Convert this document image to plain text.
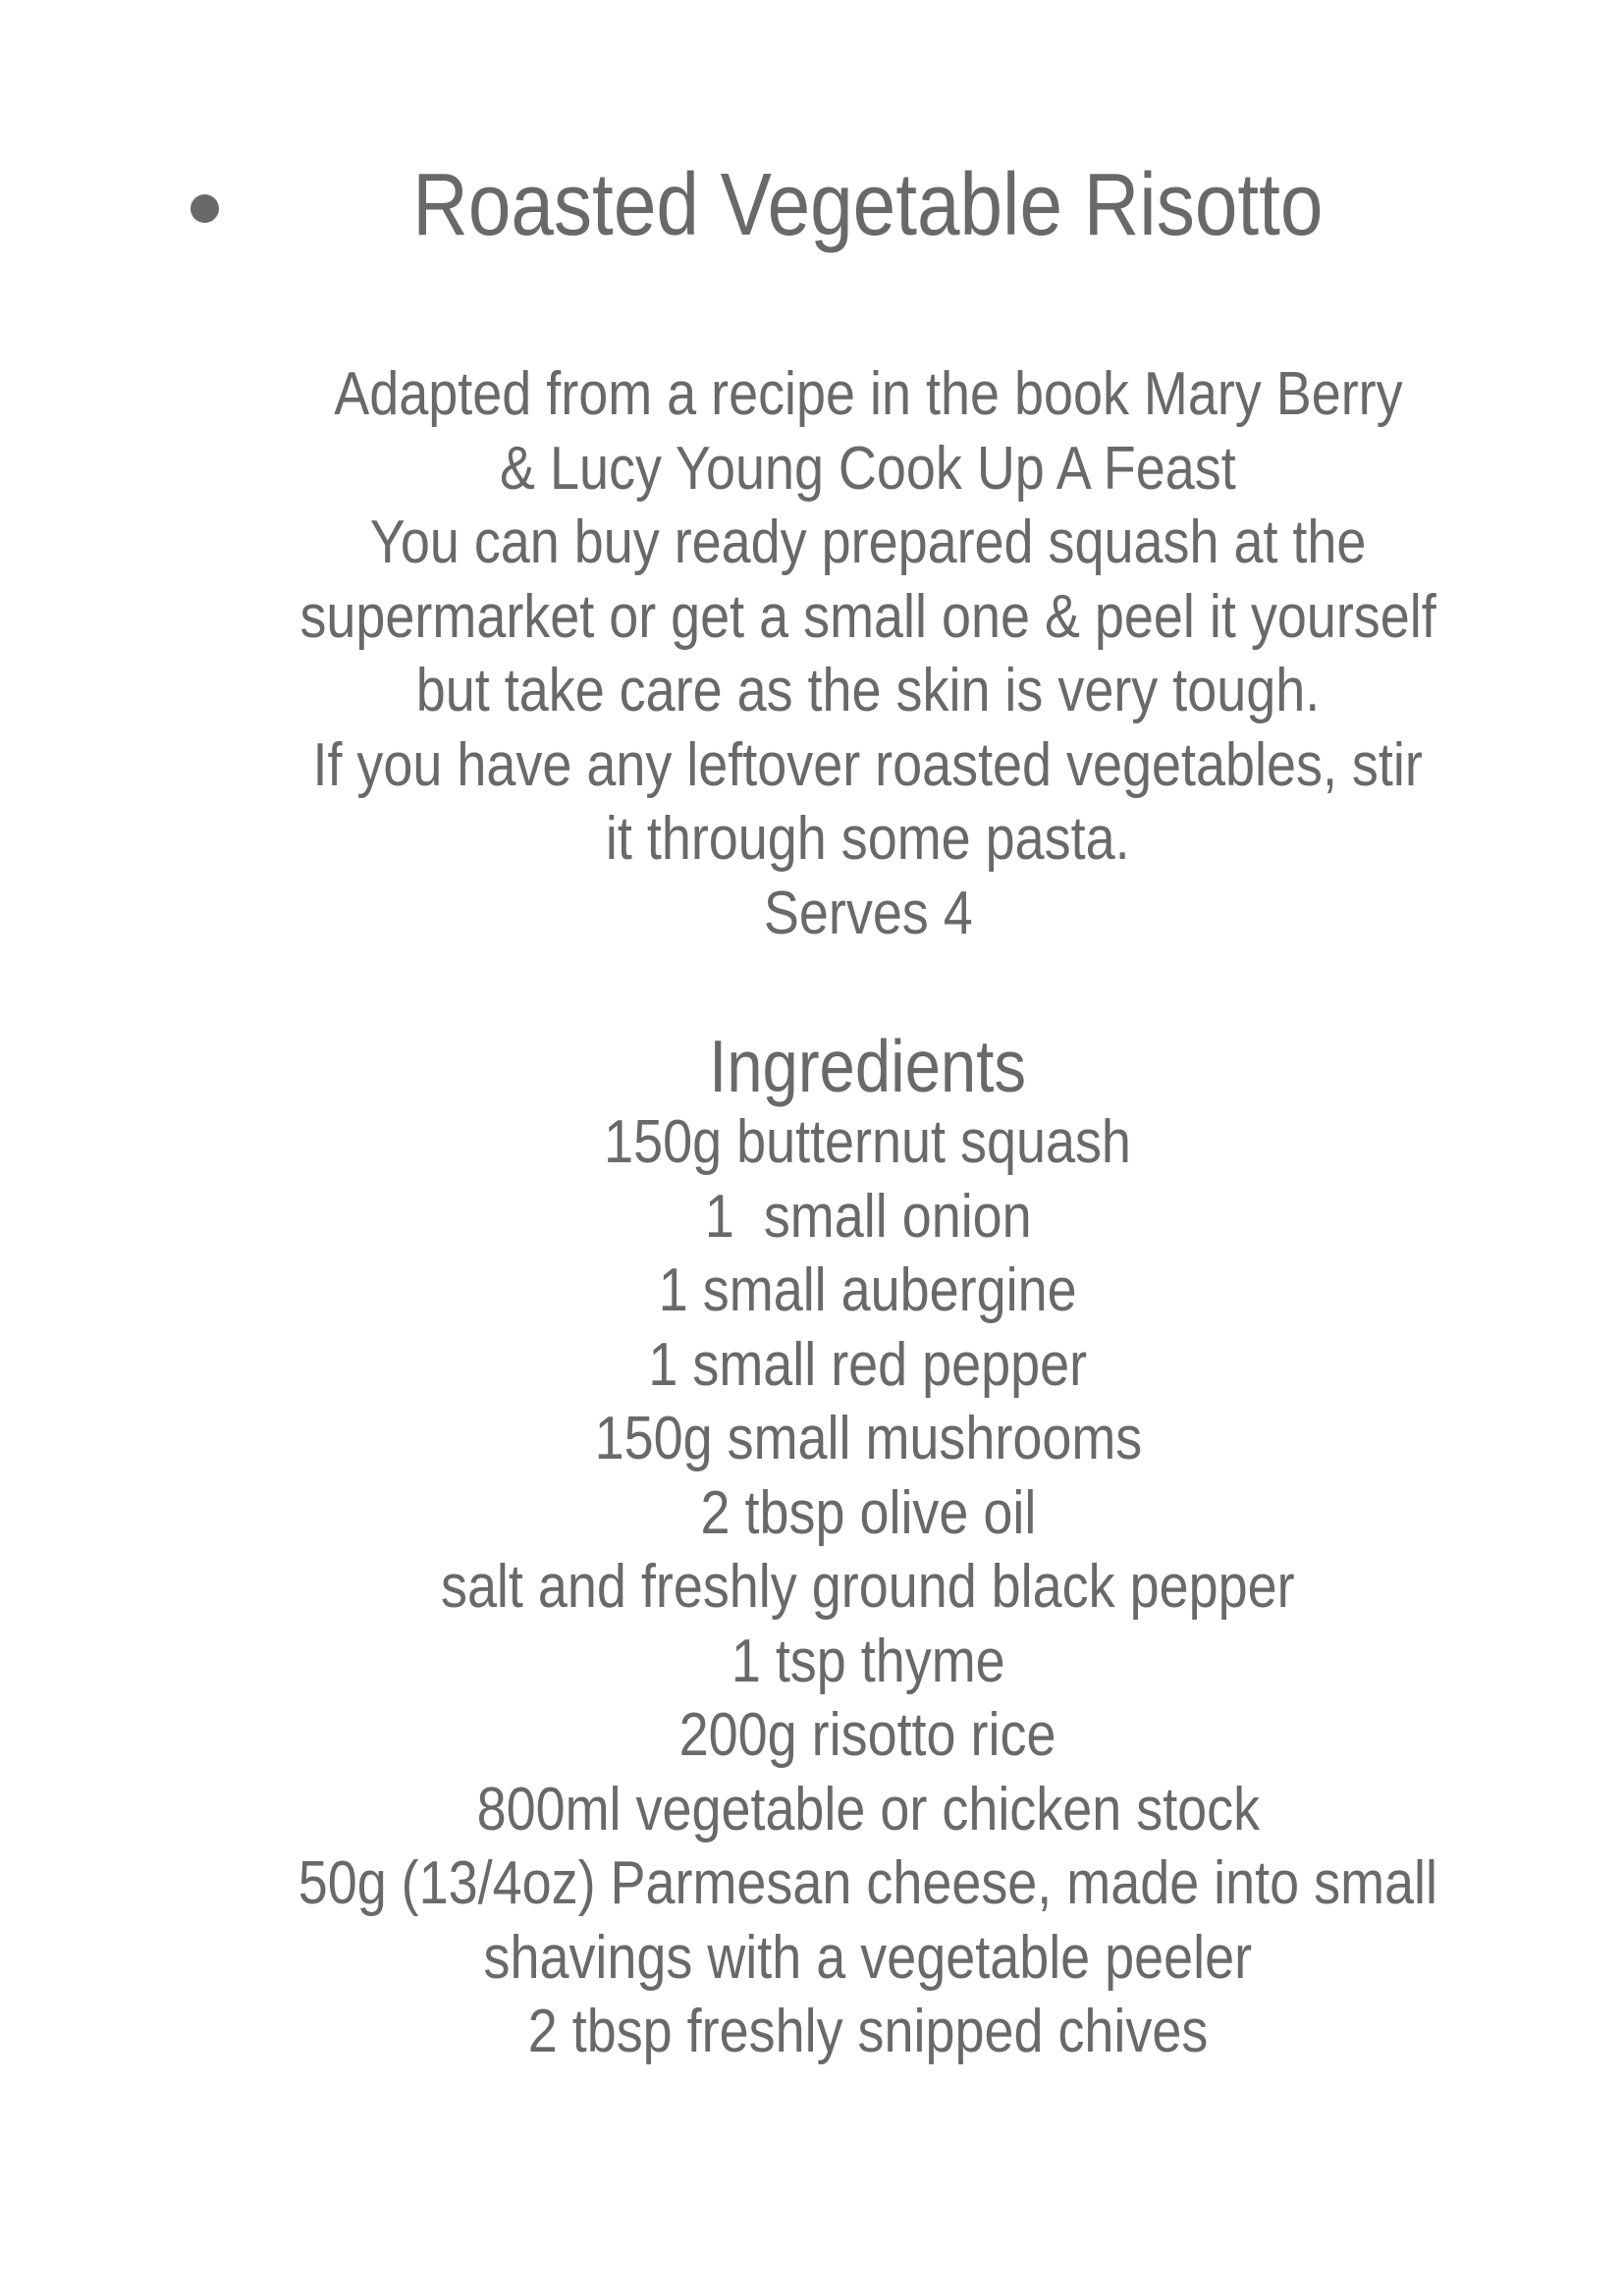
Roasted Vegetable Risotto
Adapted from a recipe in the book Mary Berry
& Lucy Young Cook Up A Feast
You can buy ready prepared squash at the
supermarket or get a small one & peel it yourself
but take care as the skin is very tough.
If you have any leftover roasted vegetables, stir
it through some pasta.
Serves 4
Ingredients
150g butternut squash
1  small onion
1 small aubergine
1 small red pepper
150g small mushrooms
2 tbsp olive oil
salt and freshly ground black pepper
1 tsp thyme
200g risotto rice
800ml vegetable or chicken stock
50g (13/4oz) Parmesan cheese, made into small
shavings with a vegetable peeler
2 tbsp freshly snipped chives
